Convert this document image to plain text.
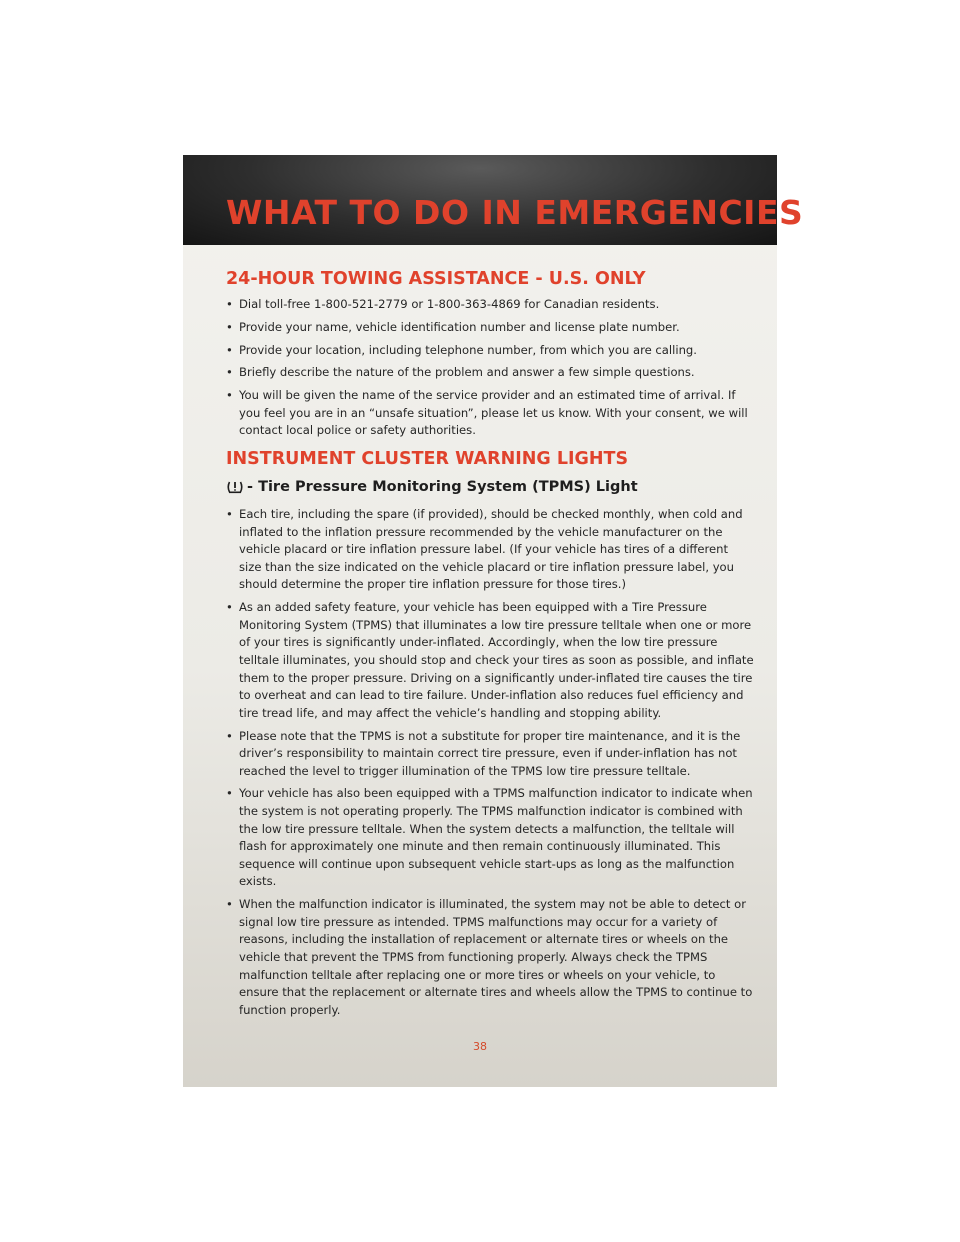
WHAT TO DO IN EMERGENCIES
24-HOUR TOWING ASSISTANCE - U.S. ONLY
• Dial toll-free 1-800-521-2779 or 1-800-363-4869 for Canadian residents.
• Provide your name, vehicle identification number and license plate number.
• Provide your location, including telephone number, from which you are calling.
• Briefly describe the nature of the problem and answer a few simple questions.
• You will be given the name of the service provider and an estimated time of arrival. If you feel you are in an “unsafe situation”, please let us know. With your consent, we will contact local police or safety authorities.
INSTRUMENT CLUSTER WARNING LIGHTS
- Tire Pressure Monitoring System (TPMS) Light
• Each tire, including the spare (if provided), should be checked monthly, when cold and inflated to the inflation pressure recommended by the vehicle manufacturer on the vehicle placard or tire inflation pressure label. (If your vehicle has tires of a different size than the size indicated on the vehicle placard or tire inflation pressure label, you should determine the proper tire inflation pressure for those tires.)
• As an added safety feature, your vehicle has been equipped with a Tire Pressure Monitoring System (TPMS) that illuminates a low tire pressure telltale when one or more of your tires is significantly under-inflated. Accordingly, when the low tire pressure telltale illuminates, you should stop and check your tires as soon as possible, and inflate them to the proper pressure. Driving on a significantly under-inflated tire causes the tire to overheat and can lead to tire failure. Under-inflation also reduces fuel efficiency and tire tread life, and may affect the vehicle’s handling and stopping ability.
• Please note that the TPMS is not a substitute for proper tire maintenance, and it is the driver’s responsibility to maintain correct tire pressure, even if under-inflation has not reached the level to trigger illumination of the TPMS low tire pressure telltale.
• Your vehicle has also been equipped with a TPMS malfunction indicator to indicate when the system is not operating properly. The TPMS malfunction indicator is combined with the low tire pressure telltale. When the system detects a malfunction, the telltale will flash for approximately one minute and then remain continuously illuminated. This sequence will continue upon subsequent vehicle start-ups as long as the malfunction exists.
• When the malfunction indicator is illuminated, the system may not be able to detect or signal low tire pressure as intended. TPMS malfunctions may occur for a variety of reasons, including the installation of replacement or alternate tires or wheels on the vehicle that prevent the TPMS from functioning properly. Always check the TPMS malfunction telltale after replacing one or more tires or wheels on your vehicle, to ensure that the replacement or alternate tires and wheels allow the TPMS to continue to function properly.
38
